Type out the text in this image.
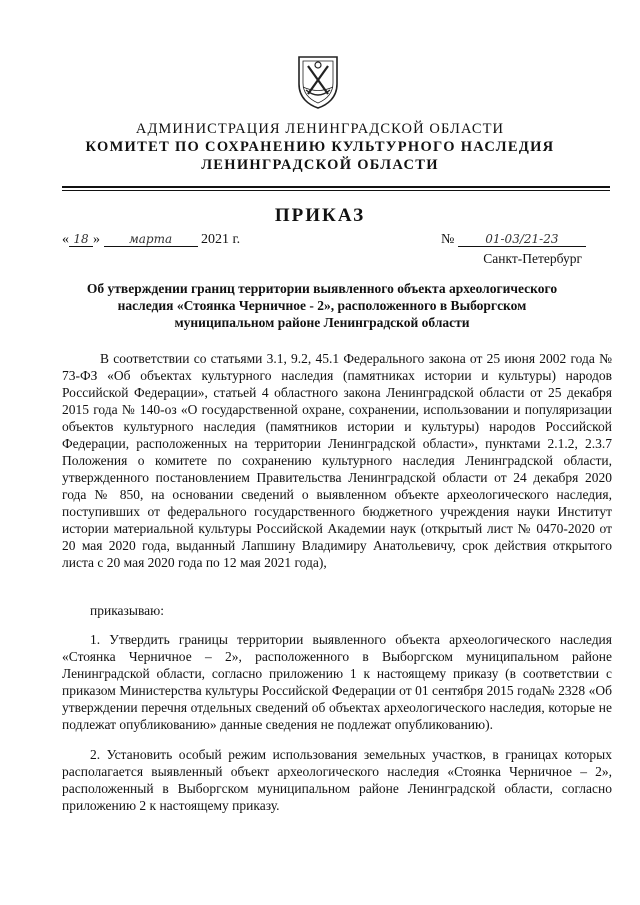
АДМИНИСТРАЦИЯ ЛЕНИНГРАДСКОЙ ОБЛАСТИ
КОМИТЕТ ПО СОХРАНЕНИЮ КУЛЬТУРНОГО НАСЛЕДИЯ
ЛЕНИНГРАДСКОЙ ОБЛАСТИ
ПРИКАЗ
« 18 » марта 2021 г.	№	01-03/21-23
Санкт-Петербург
Об утверждении границ территории выявленного объекта археологического наследия «Стоянка Черничное - 2», расположенного в Выборгском муниципальном районе Ленинградской области
В соответствии со статьями 3.1, 9.2, 45.1 Федерального закона от 25 июня 2002 года № 73-ФЗ «Об объектах культурного наследия (памятниках истории и культуры) народов Российской Федерации», статьей 4 областного закона Ленинградской области от 25 декабря 2015 года № 140-оз «О государственной охране, сохранении, использовании и популяризации объектов культурного наследия (памятников истории и культуры) народов Российской Федерации, расположенных на территории Ленинградской области», пунктами 2.1.2, 2.3.7 Положения о комитете по сохранению культурного наследия Ленинградской области, утвержденного постановлением Правительства Ленинградской области от 24 декабря 2020 года № 850, на основании сведений о выявленном объекте археологического наследия, поступивших от федерального государственного бюджетного учреждения науки Институт истории материальной культуры Российской Академии наук (открытый лист № 0470-2020 от 20 мая 2020 года, выданный Лапшину Владимиру Анатольевичу, срок действия открытого листа с 20 мая 2020 года по 12 мая 2021 года),
приказываю:
1. Утвердить границы территории выявленного объекта археологического наследия «Стоянка Черничное – 2», расположенного в Выборгском муниципальном районе Ленинградской области, согласно приложению 1 к настоящему приказу (в соответствии с приказом Министерства культуры Российской Федерации от 01 сентября 2015 года№ 2328 «Об утверждении перечня отдельных сведений об объектах археологического наследия, которые не подлежат опубликованию» данные сведения не подлежат опубликованию).
2. Установить особый режим использования земельных участков, в границах которых располагается выявленный объект археологического наследия «Стоянка Черничное – 2», расположенный в Выборгском муниципальном районе Ленинградской области, согласно приложению 2 к настоящему приказу.
